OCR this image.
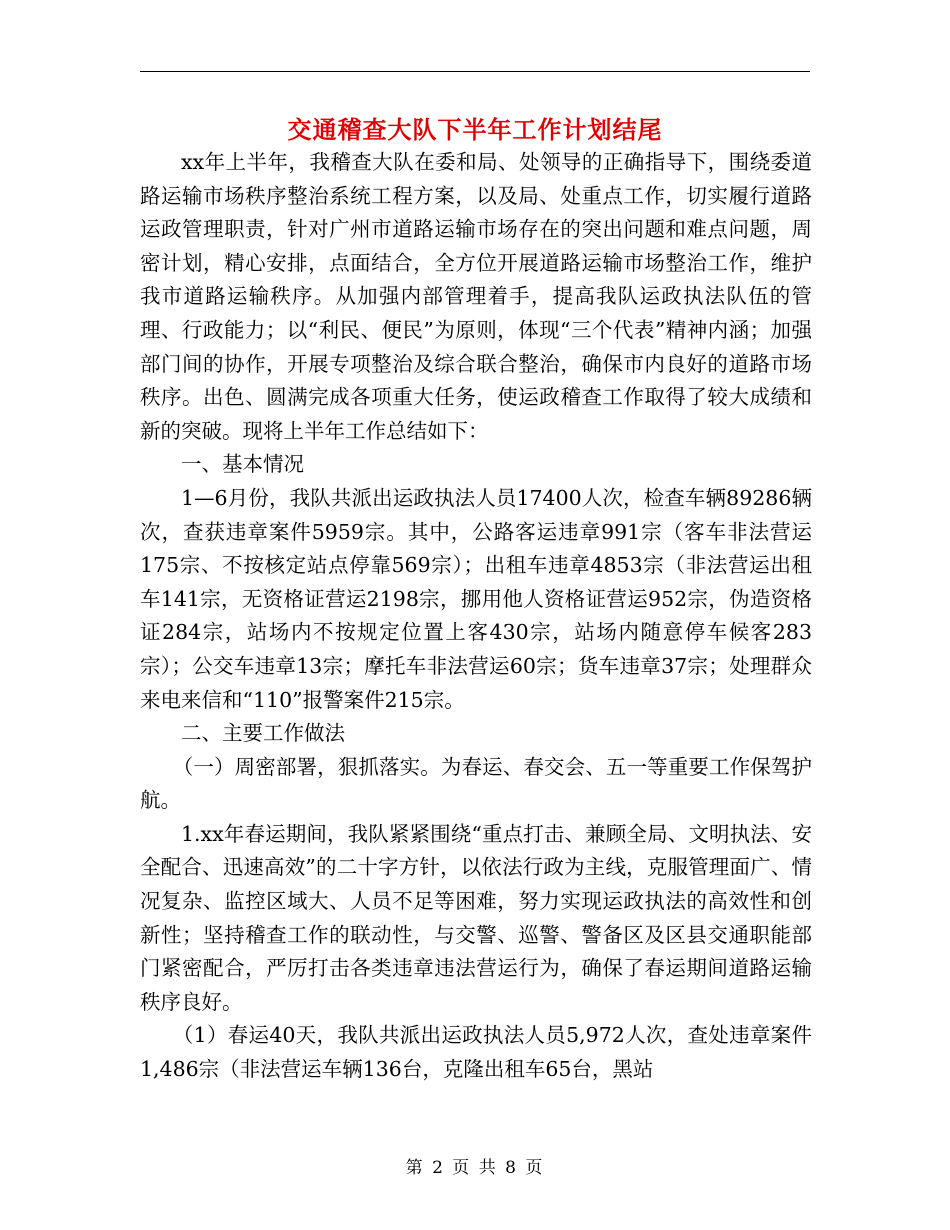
交通稽查大队下半年工作计划结尾

xx年上半年，我稽查大队在委和局、处领导的正确指导下，围绕委道路运输市场秩序整治系统工程方案，以及局、处重点工作，切实履行道路运政管理职责，针对广州市道路运输市场存在的突出问题和难点问题，周密计划，精心安排，点面结合，全方位开展道路运输市场整治工作，维护我市道路运输秩序。从加强内部管理着手，提高我队运政执法队伍的管理、行政能力；以“利民、便民”为原则，体现“三个代表”精神内涵；加强部门间的协作，开展专项整治及综合联合整治，确保市内良好的道路市场秩序。出色、圆满完成各项重大任务，使运政稽查工作取得了较大成绩和新的突破。现将上半年工作总结如下：

一、基本情况

1—6月份，我队共派出运政执法人员17400人次，检查车辆89286辆次，查获违章案件5959宗。其中，公路客运违章991宗（客车非法营运175宗、不按核定站点停靠569宗）；出租车违章4853宗（非法营运出租车141宗，无资格证营运2198宗，挪用他人资格证营运952宗，伪造资格证284宗，站场内不按规定位置上客430宗，站场内随意停车候客283宗）；公交车违章13宗；摩托车非法营运60宗；货车违章37宗；处理群众来电来信和“110”报警案件215宗。

二、主要工作做法

（一）周密部署，狠抓落实。为春运、春交会、五一等重要工作保驾护航。

1.xx年春运期间，我队紧紧围绕“重点打击、兼顾全局、文明执法、安全配合、迅速高效”的二十字方针，以依法行政为主线，克服管理面广、情况复杂、监控区域大、人员不足等困难，努力实现运政执法的高效性和创新性；坚持稽查工作的联动性，与交警、巡警、警备区及区县交通职能部门紧密配合，严厉打击各类违章违法营运行为，确保了春运期间道路运输秩序良好。

（1）春运40天，我队共派出运政执法人员5,972人次，查处违章案件1,486宗（非法营运车辆136台，克隆出租车65台，黑站

第 2 页 共 8 页
